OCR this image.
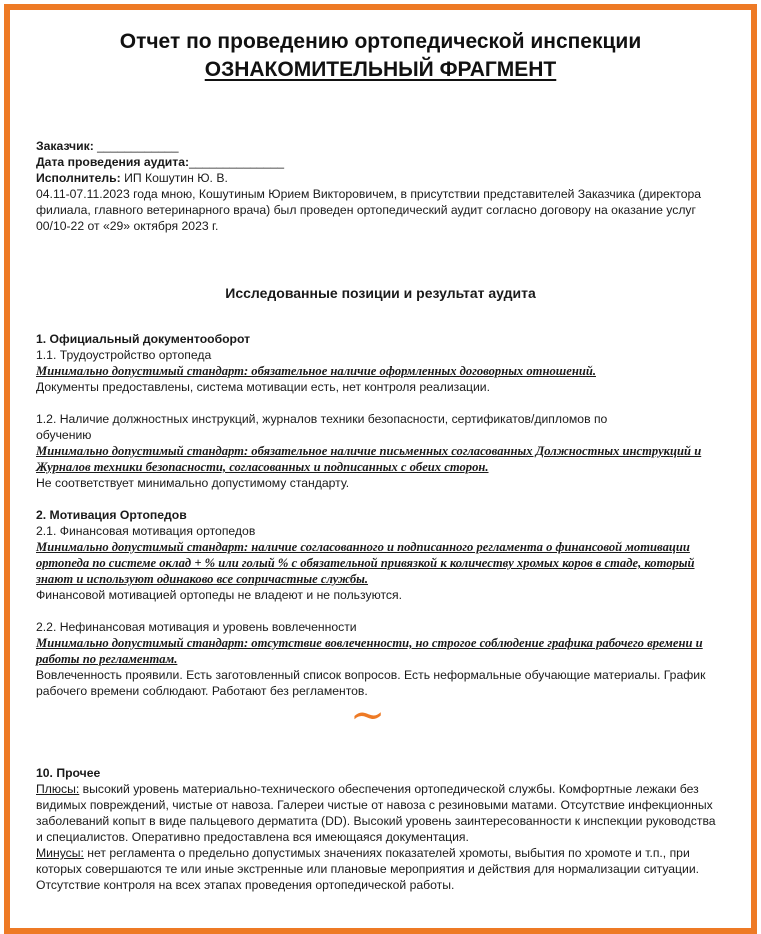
Отчет по проведению ортопедической инспекции
ОЗНАКОМИТЕЛЬНЫЙ ФРАГМЕНТ

Заказчик: ____________

Дата проведения аудита:______________

Исполнитель: ИП Кошутин Ю. В.

04.11-07.11.2023 года мною, Кошутиным Юрием Викторовичем, в присутствии представителей Заказчика (директора филиала, главного ветеринарного врача) был проведен ортопедический аудит согласно договору на оказание услуг 00/10-22 от «29» октября 2023 г.

Исследованные позиции и результат аудита

1. Официальный документооборот

1.1. Трудоустройство ортопеда

Минимально допустимый стандарт: обязательное наличие оформленных договорных отношений.

Документы предоставлены, система мотивации есть, нет контроля реализации.

1.2. Наличие должностных инструкций, журналов техники безопасности, сертификатов/дипломов по обучению

Минимально допустимый стандарт: обязательное наличие письменных согласованных Должностных инструкций и Журналов техники безопасности, согласованных и подписанных с обеих сторон.

Не соответствует минимально допустимому стандарту.

2. Мотивация Ортопедов

2.1. Финансовая мотивация ортопедов

Минимально допустимый стандарт: наличие согласованного и подписанного регламента о финансовой мотивации ортопеда по системе оклад + % или голый % с обязательной привязкой к количеству хромых коров в стаде, который знают и используют одинаково все сопричастные службы.

Финансовой мотивацией ортопеды не владеют и не пользуются.

2.2. Нефинансовая мотивация и уровень вовлеченности

Минимально допустимый стандарт: отсутствие вовлеченности, но строгое соблюдение графика рабочего времени и работы по регламентам.

Вовлеченность проявили. Есть заготовленный список вопросов. Есть неформальные обучающие материалы. График рабочего времени соблюдают. Работают без регламентов.

~

10. Прочее

Плюсы: высокий уровень материально-технического обеспечения ортопедической службы. Комфортные лежаки без видимых повреждений, чистые от навоза. Галереи чистые от навоза с резиновыми матами. Отсутствие инфекционных заболеваний копыт в виде пальцевого дерматита (DD). Высокий уровень заинтересованности к инспекции руководства и специалистов. Оперативно предоставлена вся имеющаяся документация.

Минусы: нет регламента о предельно допустимых значениях показателей хромоты, выбытия по хромоте и т.п., при которых совершаются те или иные экстренные или плановые мероприятия и действия для нормализации ситуации. Отсутствие контроля на всех этапах проведения ортопедической работы.
